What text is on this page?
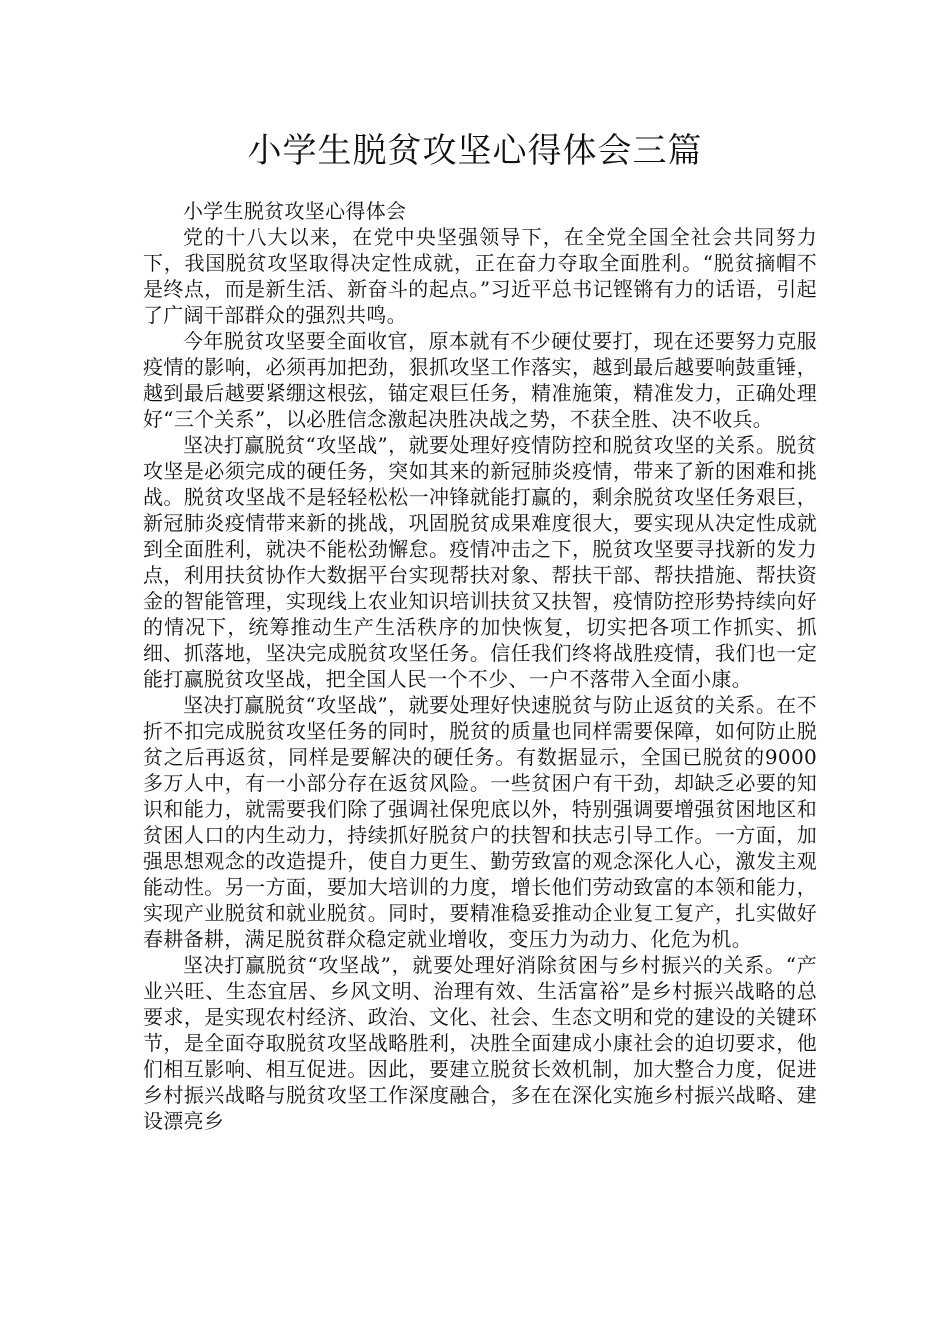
小学生脱贫攻坚心得体会三篇

小学生脱贫攻坚心得体会

党的十八大以来，在党中央坚强领导下，在全党全国全社会共同努力下，我国脱贫攻坚取得决定性成就，正在奋力夺取全面胜利。“脱贫摘帽不是终点，而是新生活、新奋斗的起点。”习近平总书记铿锵有力的话语，引起了广阔干部群众的强烈共鸣。

今年脱贫攻坚要全面收官，原本就有不少硬仗要打，现在还要努力克服疫情的影响，必须再加把劲，狠抓攻坚工作落实，越到最后越要响鼓重锤，越到最后越要紧绷这根弦，锚定艰巨任务，精准施策，精准发力，正确处理好“三个关系”，以必胜信念激起决胜决战之势，不获全胜、决不收兵。

坚决打赢脱贫“攻坚战”，就要处理好疫情防控和脱贫攻坚的关系。脱贫攻坚是必须完成的硬任务，突如其来的新冠肺炎疫情，带来了新的困难和挑战。脱贫攻坚战不是轻轻松松一冲锋就能打赢的，剩余脱贫攻坚任务艰巨，新冠肺炎疫情带来新的挑战，巩固脱贫成果难度很大，要实现从决定性成就到全面胜利，就决不能松劲懈怠。疫情冲击之下，脱贫攻坚要寻找新的发力点，利用扶贫协作大数据平台实现帮扶对象、帮扶干部、帮扶措施、帮扶资金的智能管理，实现线上农业知识培训扶贫又扶智，疫情防控形势持续向好的情况下，统筹推动生产生活秩序的加快恢复，切实把各项工作抓实、抓细、抓落地，坚决完成脱贫攻坚任务。信任我们终将战胜疫情，我们也一定能打赢脱贫攻坚战，把全国人民一个不少、一户不落带入全面小康。

坚决打赢脱贫“攻坚战”，就要处理好快速脱贫与防止返贫的关系。在不折不扣完成脱贫攻坚任务的同时，脱贫的质量也同样需要保障，如何防止脱贫之后再返贫，同样是要解决的硬任务。有数据显示，全国已脱贫的9000多万人中，有一小部分存在返贫风险。一些贫困户有干劲，却缺乏必要的知识和能力，就需要我们除了强调社保兜底以外，特别强调要增强贫困地区和贫困人口的内生动力，持续抓好脱贫户的扶智和扶志引导工作。一方面，加强思想观念的改造提升，使自力更生、勤劳致富的观念深化人心，激发主观能动性。另一方面，要加大培训的力度，增长他们劳动致富的本领和能力，实现产业脱贫和就业脱贫。同时，要精准稳妥推动企业复工复产，扎实做好春耕备耕，满足脱贫群众稳定就业增收，变压力为动力、化危为机。

坚决打赢脱贫“攻坚战”，就要处理好消除贫困与乡村振兴的关系。“产业兴旺、生态宜居、乡风文明、治理有效、生活富裕”是乡村振兴战略的总要求，是实现农村经济、政治、文化、社会、生态文明和党的建设的关键环节，是全面夺取脱贫攻坚战略胜利，决胜全面建成小康社会的迫切要求，他们相互影响、相互促进。因此，要建立脱贫长效机制，加大整合力度，促进乡村振兴战略与脱贫攻坚工作深度融合，多在在深化实施乡村振兴战略、建设漂亮乡
